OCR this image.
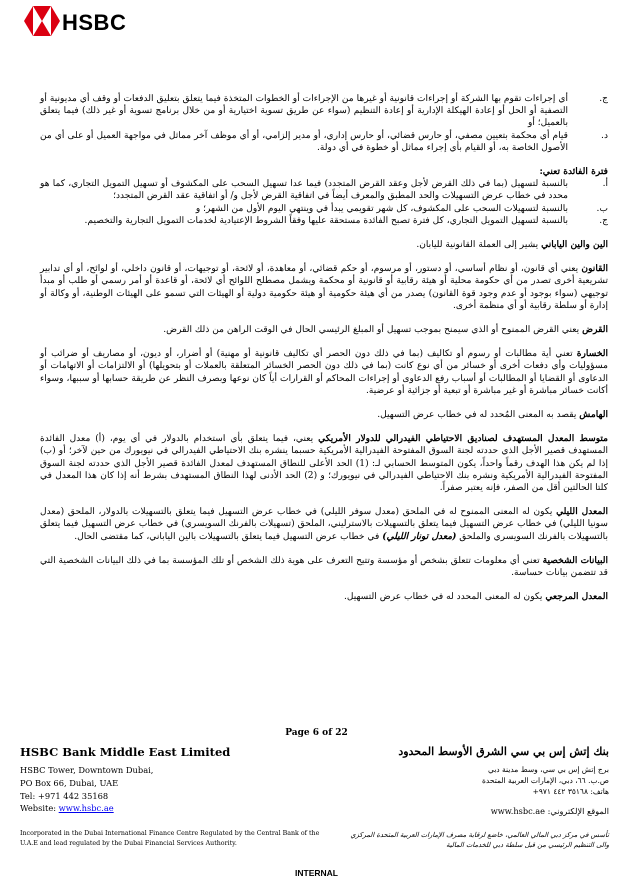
HSBC
ج.
أي إجراءات تقوم بها الشركة أو إجراءات قانونية أو غيرها من الإجراءات أو الخطوات المتخذة فيما يتعلق بتعليق الدفعات أو وقف أي مديونية أو التصفية أو الحل أو إعادة الهيكلة الإدارية أو إعادة التنظيم (سواء عن طريق تسوية اختيارية أو من خلال برنامج تسوية أو غير ذلك) فيما يتعلق بالعميل؛ أو
د.
قيام أي محكمة بتعيين مصفي، أو حارس قضائي، أو حارس إداري، أو مدير إلزامي، أو أي موظف آخر مماثل في مواجهة العميل أو على أي من الأصول الخاصة به، أو القيام بأي إجراء مماثل أو خطوة في أي دولة.

فترة الفائدة تعني:

أ.
بالنسبة لتسهيل (بما في ذلك القرض لأجل وعقد القرض المتجدد) فيما عدا تسهيل السحب على المكشوف أو تسهيل التمويل التجاري، كما هو محدد في خطاب عرض التسهيلات والحد المطبق والمعرف أيضاً في اتفاقية القرض لأجل و/ أو اتفاقية عقد القرض المتجدد؛
ب.
بالنسبة لتسهيلات السحب على المكشوف، كل شهر تقويمي يبدأ في وينتهي اليوم الأول من الشهر؛ و
ج.
بالنسبة لتسهيل التمويل التجاري، كل فترة تصبح الفائدة مستحقة عليها وفقاً الشروط الإعتيادية لخدمات التمويل التجارية والتخصيم.

الين والين الياباني يشير إلى العملة القانونية لليابان.

القانون يعني أي قانون، أو نظام أساسي، أو دستور، أو مرسوم، أو حكم قضائي، أو معاهدة، أو لائحة، أو توجيهات، أو قانون داخلي، أو لوائح، أو أي تدابير تشريعية أخرى تصدر من أي حكومة محلية أو هيئة رقابية أو قانونية أو محكمة ويشمل مصطلح اللوائح أي لائحة، أو قاعدة أو أمر رسمي أو طلب أو مبدأ توجيهي (سواء بوجود أو عدم وجود قوة القانون) يصدر من أي هيئة حكومية أو هيئة حكومية دولية أو الهيئات التي تسمو على الهيئات الوطنية، أو وكالة أو إدارة أو سلطة رقابية أو أي منظمة أخرى.

القرض يعني القرض الممنوح أو الذي سيمنح بموجب تسهيل أو المبلغ الرئيسي الحال في الوقت الراهن من ذلك القرض.

الخسارة تعني أية مطالبات أو رسوم أو تكاليف (بما في ذلك دون الحصر أي تكاليف قانونية أو مهنية) أو أضرار، أو ديون، أو مصاريف أو ضرائب أو مسؤوليات وأي دفعات أخرى أو خسائر من أي نوع كانت (بما في ذلك دون الحصر الخسائر المتعلقة بالعملات أو بتحويلها) أو الالتزامات أو الاتهامات أو الدعاوى أو القضايا أو المطالبات أو أسباب رفع الدعاوى أو إجراءات المحاكم أو القرارات أياً كان نوعها وبصرف النظر عن طريقة حسابها أو سببها، وسواء أكانت خسائر مباشرة أو غير مباشرة أو تبعية أو جزائية أو عرضية.

الهامش يقصد به المعنى المُحدد له في خطاب عرض التسهيل.

متوسط المعدل المستهدف لصناديق الاحتياطي الفيدرالي للدولار الأمريكي يعني، فيما يتعلق بأي استخدام بالدولار في أي يوم، (أ) معدل الفائدة المستهدف قصير الأجل الذي حددته لجنة السوق المفتوحة الفيدرالية الأمريكية حسبما ينشره بنك الاحتياطي الفيدرالي في نيويورك من حين لآخر؛ أو (ب) إذا لم يكن هذا الهدف رقماً واحداً، يكون المتوسط الحسابي لـ: (1) الحد الأعلى للنطاق المستهدف لمعدل الفائدة قصير الأجل الذي حددته لجنة السوق المفتوحة الفيدرالية الأمريكية ونشره بنك الاحتياطي الفيدرالي في نيويورك؛ و (2) الحد الأدنى لهذا النطاق المستهدف بشرط أنه إذا كان هذا المعدل في كلتا الحالتين أقل من الصفر، فإنه يعتبر صفراً.

المعدل الليلي يكون له المعنى الممنوح له في الملحق (معدل سوفر الليلي) في خطاب عرض التسهيل فيما يتعلق بالتسهيلات بالدولار، الملحق (معدل سونيا الليلي) في خطاب عرض التسهيل فيما يتعلق بالتسهيلات بالاسترليني، الملحق (تسهيلات بالفرنك السويسري) في خطاب عرض التسهيل فيما يتعلق بالتسهيلات بالفرنك السويسري والملحق (معدل تونار الليلي) في خطاب عرض التسهيل فيما يتعلق بالتسهيلات بالين الياباني، كما مقتضى الحال.

البيانات الشخصية تعني أي معلومات تتعلق بشخص أو مؤسسة وتتيح التعرف على هوية ذلك الشخص أو تلك المؤسسة بما في ذلك البيانات الشخصية التي قد تتضمن بيانات حساسة.

المعدل المرجعي يكون له المعنى المحدد له في خطاب عرض التسهيل.

Page 6 of 22
HSBC Bank Middle East Limited
HSBC Tower, Downtown Dubai,
PO Box 66, Dubai, UAE
Tel: +971 442 35168
Website: www.hsbc.ae
Incorporated in the Dubai International Finance Centre Regulated by the Central Bank of the U.A.E and lead regulated by the Dubai Financial Services Authority.
بنك إتش إس بي سي الشرق الأوسط المحدود
برج إتش إس بي سي، وسط مدينة دبي
ص.ب. ٦٦، دبي، الإمارات العربية المتحدة
هاتف: ٣٥١٦٨ ٤٤٢ ٩٧١+
الموقع الإلكتروني: www.hsbc.ae
تأسس في مركز دبي المالي العالمي، خاضع لرقابة مصرف الإمارات العربية المتحدة المركزي والى التنظيم الرئيسي من قبل سلطة دبي للخدمات المالية
INTERNAL
